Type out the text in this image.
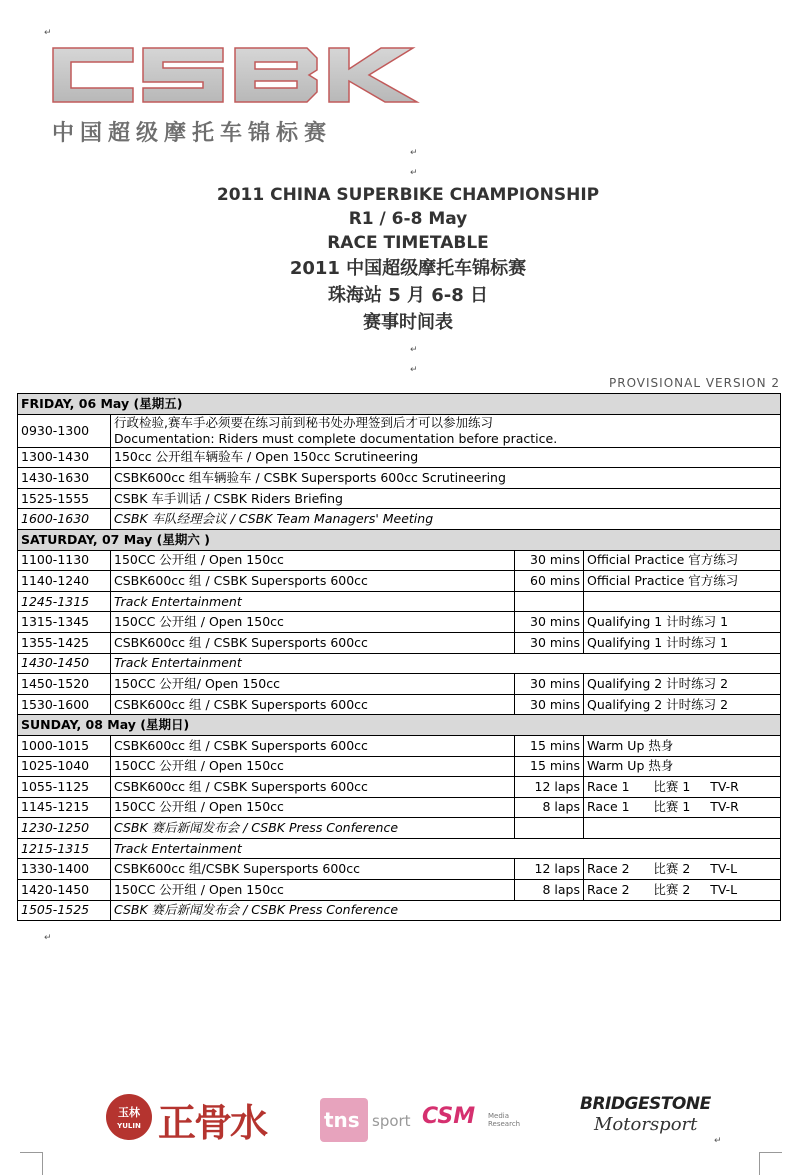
↵
↵
↵
↵
↵
↵
中国超级摩托车锦标赛
2011 CHINA SUPERBIKE CHAMPIONSHIP
R1 / 6-8 May
RACE TIMETABLE
2011 中国超级摩托车锦标赛
珠海站 5 月 6-8 日
赛事时间表
PROVISIONAL VERSION 2
FRIDAY, 06 May (星期五)			
0930-1300	行政检验,赛车手必须要在练习前到秘书处办理签到后才可以参加练习
Documentation: Riders must complete documentation before practice.		
1300-1430	150cc 公开组车辆验车 / Open 150cc Scrutineering		
1430-1630	CSBK600cc 组车辆验车 / CSBK Supersports 600cc Scrutineering		
1525-1555	CSBK 车手训话 / CSBK Riders Briefing		
1600-1630	CSBK 车队经理会议 / CSBK Team Managers' Meeting		
SATURDAY, 07 May (星期六 )			
1100-1130	150CC 公开组 / Open 150cc	30 mins	Official Practice 官方练习
1140-1240	CSBK600cc 组 / CSBK Supersports 600cc	60 mins	Official Practice 官方练习
1245-1315	Track Entertainment		
1315-1345	150CC 公开组 / Open 150cc	30 mins	Qualifying 1 计时练习 1
1355-1425	CSBK600cc 组 / CSBK Supersports 600cc	30 mins	Qualifying 1 计时练习 1
1430-1450	Track Entertainment		
1450-1520	150CC 公开组/ Open 150cc	30 mins	Qualifying 2 计时练习 2
1530-1600	CSBK600cc 组 / CSBK Supersports 600cc	30 mins	Qualifying 2 计时练习 2
SUNDAY, 08 May (星期日)			
1000-1015	CSBK600cc 组 / CSBK Supersports 600cc	15 mins	Warm Up 热身
1025-1040	150CC 公开组 / Open 150cc	15 mins	Warm Up 热身
1055-1125	CSBK600cc 组 / CSBK Supersports 600cc	12 laps	Race 1      比赛 1     TV-R
1145-1215	150CC 公开组 / Open 150cc	8 laps	Race 1      比赛 1     TV-R
1230-1250	CSBK 赛后新闻发布会 / CSBK Press Conference		
1215-1315	Track Entertainment		
1330-1400	CSBK600cc 组/CSBK Supersports 600cc	12 laps	Race 2      比赛 2     TV-L
1420-1450	150CC 公开组 / Open 150cc	8 laps	Race 2      比赛 2     TV-L
1505-1525	CSBK 赛后新闻发布会 / CSBK Press Conference		
玉林
YULIN 正骨水	tns sport CSM Media Research
BRIDGESTONE
Motorsport
↵
